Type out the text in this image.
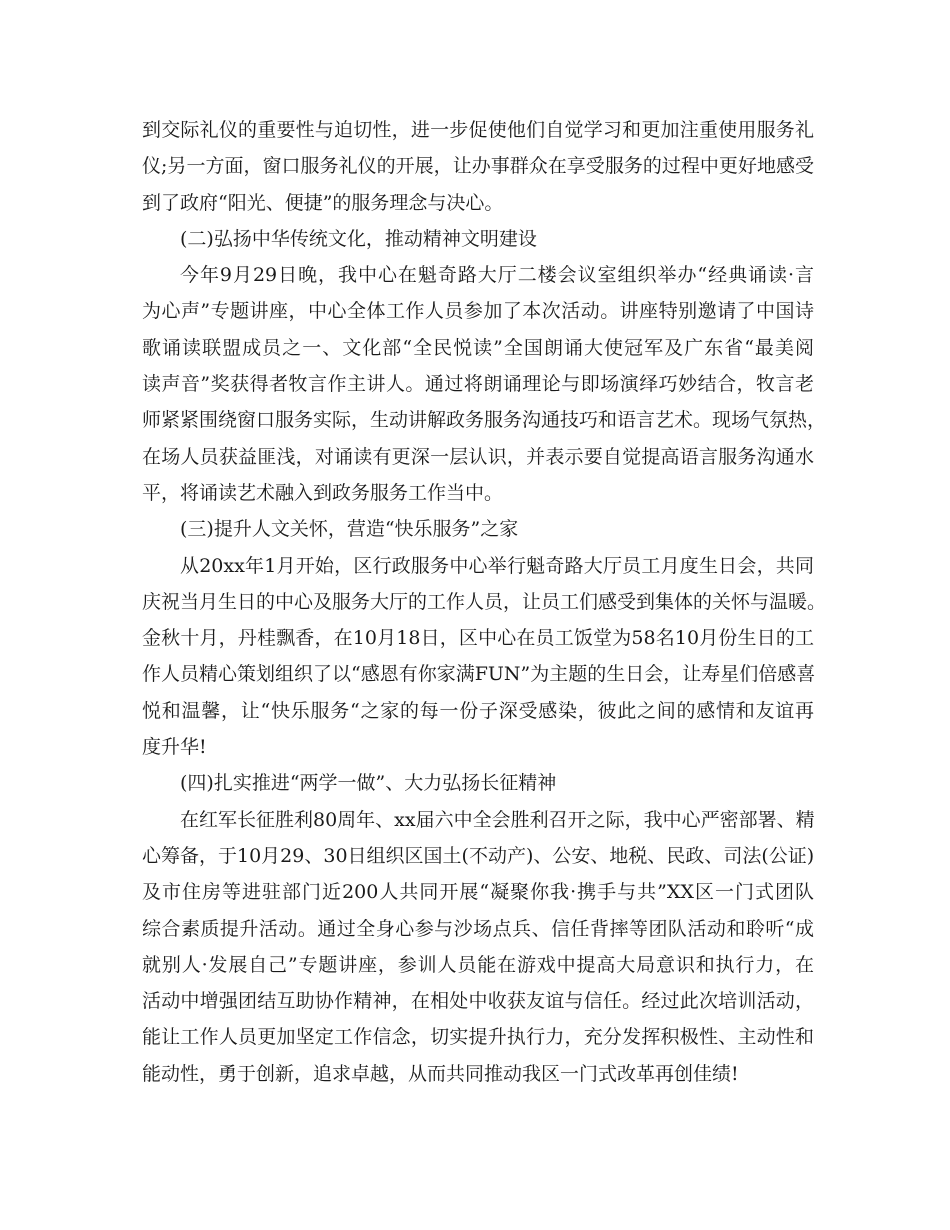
到交际礼仪的重要性与迫切性，进一步促使他们自觉学习和更加注重使用服务礼
仪;另一方面，窗口服务礼仪的开展，让办事群众在享受服务的过程中更好地感受
到了政府“阳光、便捷”的服务理念与决心。
(二)弘扬中华传统文化，推动精神文明建设
今年9月29日晚，我中心在魁奇路大厅二楼会议室组织举办“经典诵读·言
为心声”专题讲座，中心全体工作人员参加了本次活动。讲座特别邀请了中国诗
歌诵读联盟成员之一、文化部“全民悦读”全国朗诵大使冠军及广东省“最美阅
读声音”奖获得者牧言作主讲人。通过将朗诵理论与即场演绎巧妙结合，牧言老
师紧紧围绕窗口服务实际，生动讲解政务服务沟通技巧和语言艺术。现场气氛热，
在场人员获益匪浅，对诵读有更深一层认识，并表示要自觉提高语言服务沟通水
平，将诵读艺术融入到政务服务工作当中。
(三)提升人文关怀，营造“快乐服务”之家
从20xx年1月开始，区行政服务中心举行魁奇路大厅员工月度生日会，共同
庆祝当月生日的中心及服务大厅的工作人员，让员工们感受到集体的关怀与温暖。
金秋十月，丹桂飘香，在10月18日，区中心在员工饭堂为58名10月份生日的工
作人员精心策划组织了以“感恩有你家满FUN”为主题的生日会，让寿星们倍感喜
悦和温馨，让“快乐服务“之家的每一份子深受感染，彼此之间的感情和友谊再
度升华!
(四)扎实推进“两学一做”、大力弘扬长征精神
在红军长征胜利80周年、xx届六中全会胜利召开之际，我中心严密部署、精
心筹备，于10月29、30日组织区国土(不动产)、公安、地税、民政、司法(公证)
及市住房等进驻部门近200人共同开展“凝聚你我·携手与共”XX区一门式团队
综合素质提升活动。通过全身心参与沙场点兵、信任背摔等团队活动和聆听“成
就别人·发展自己”专题讲座，参训人员能在游戏中提高大局意识和执行力，在
活动中增强团结互助协作精神，在相处中收获友谊与信任。经过此次培训活动，
能让工作人员更加坚定工作信念，切实提升执行力，充分发挥积极性、主动性和
能动性，勇于创新，追求卓越，从而共同推动我区一门式改革再创佳绩!
